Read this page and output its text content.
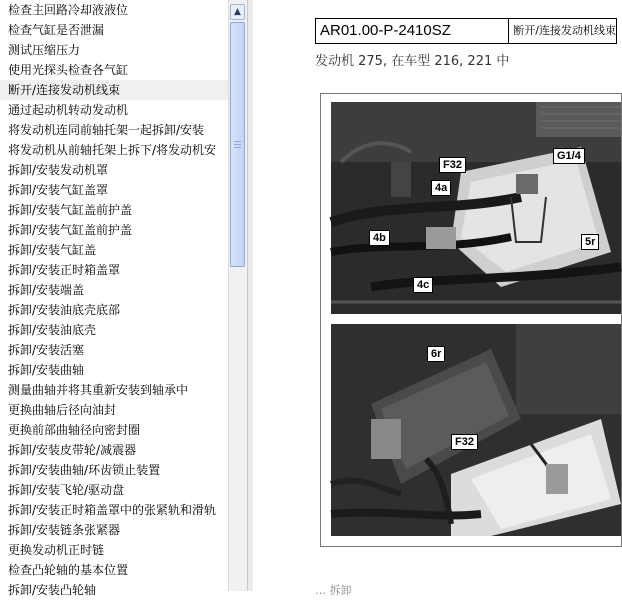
检查主回路冷却液液位
检查气缸是否泄漏
测试压缩压力
使用光探头检查各气缸
断开/连接发动机线束
通过起动机转动发动机
将发动机连同前轴托架一起拆卸/安装
将发动机从前轴托架上拆下/将发动机安
拆卸/安装发动机罩
拆卸/安装气缸盖罩
拆卸/安装气缸盖前护盖
拆卸/安装气缸盖前护盖
拆卸/安装气缸盖
拆卸/安装正时箱盖罩
拆卸/安装端盖
拆卸/安装油底壳底部
拆卸/安装油底壳
拆卸/安装活塞
拆卸/安装曲轴
测量曲轴并将其重新安装到轴承中
更换曲轴后径向油封
更换前部曲轴径向密封圈
拆卸/安装皮带轮/减震器
拆卸/安装曲轴/环齿锁止装置
拆卸/安装飞轮/驱动盘
拆卸/安装正时箱盖罩中的张紧轨和滑轨
拆卸/安装链条张紧器
更换发动机正时链
检查凸轮轴的基本位置
拆卸/安装凸轮轴
▲
AR01.00-P-2410SZ	断开/连接发动机线束
发动机 275, 在车型 216, 221 中
F32
G1/4
4a
4b	5r
4c
6r
F32
… 拆卸
